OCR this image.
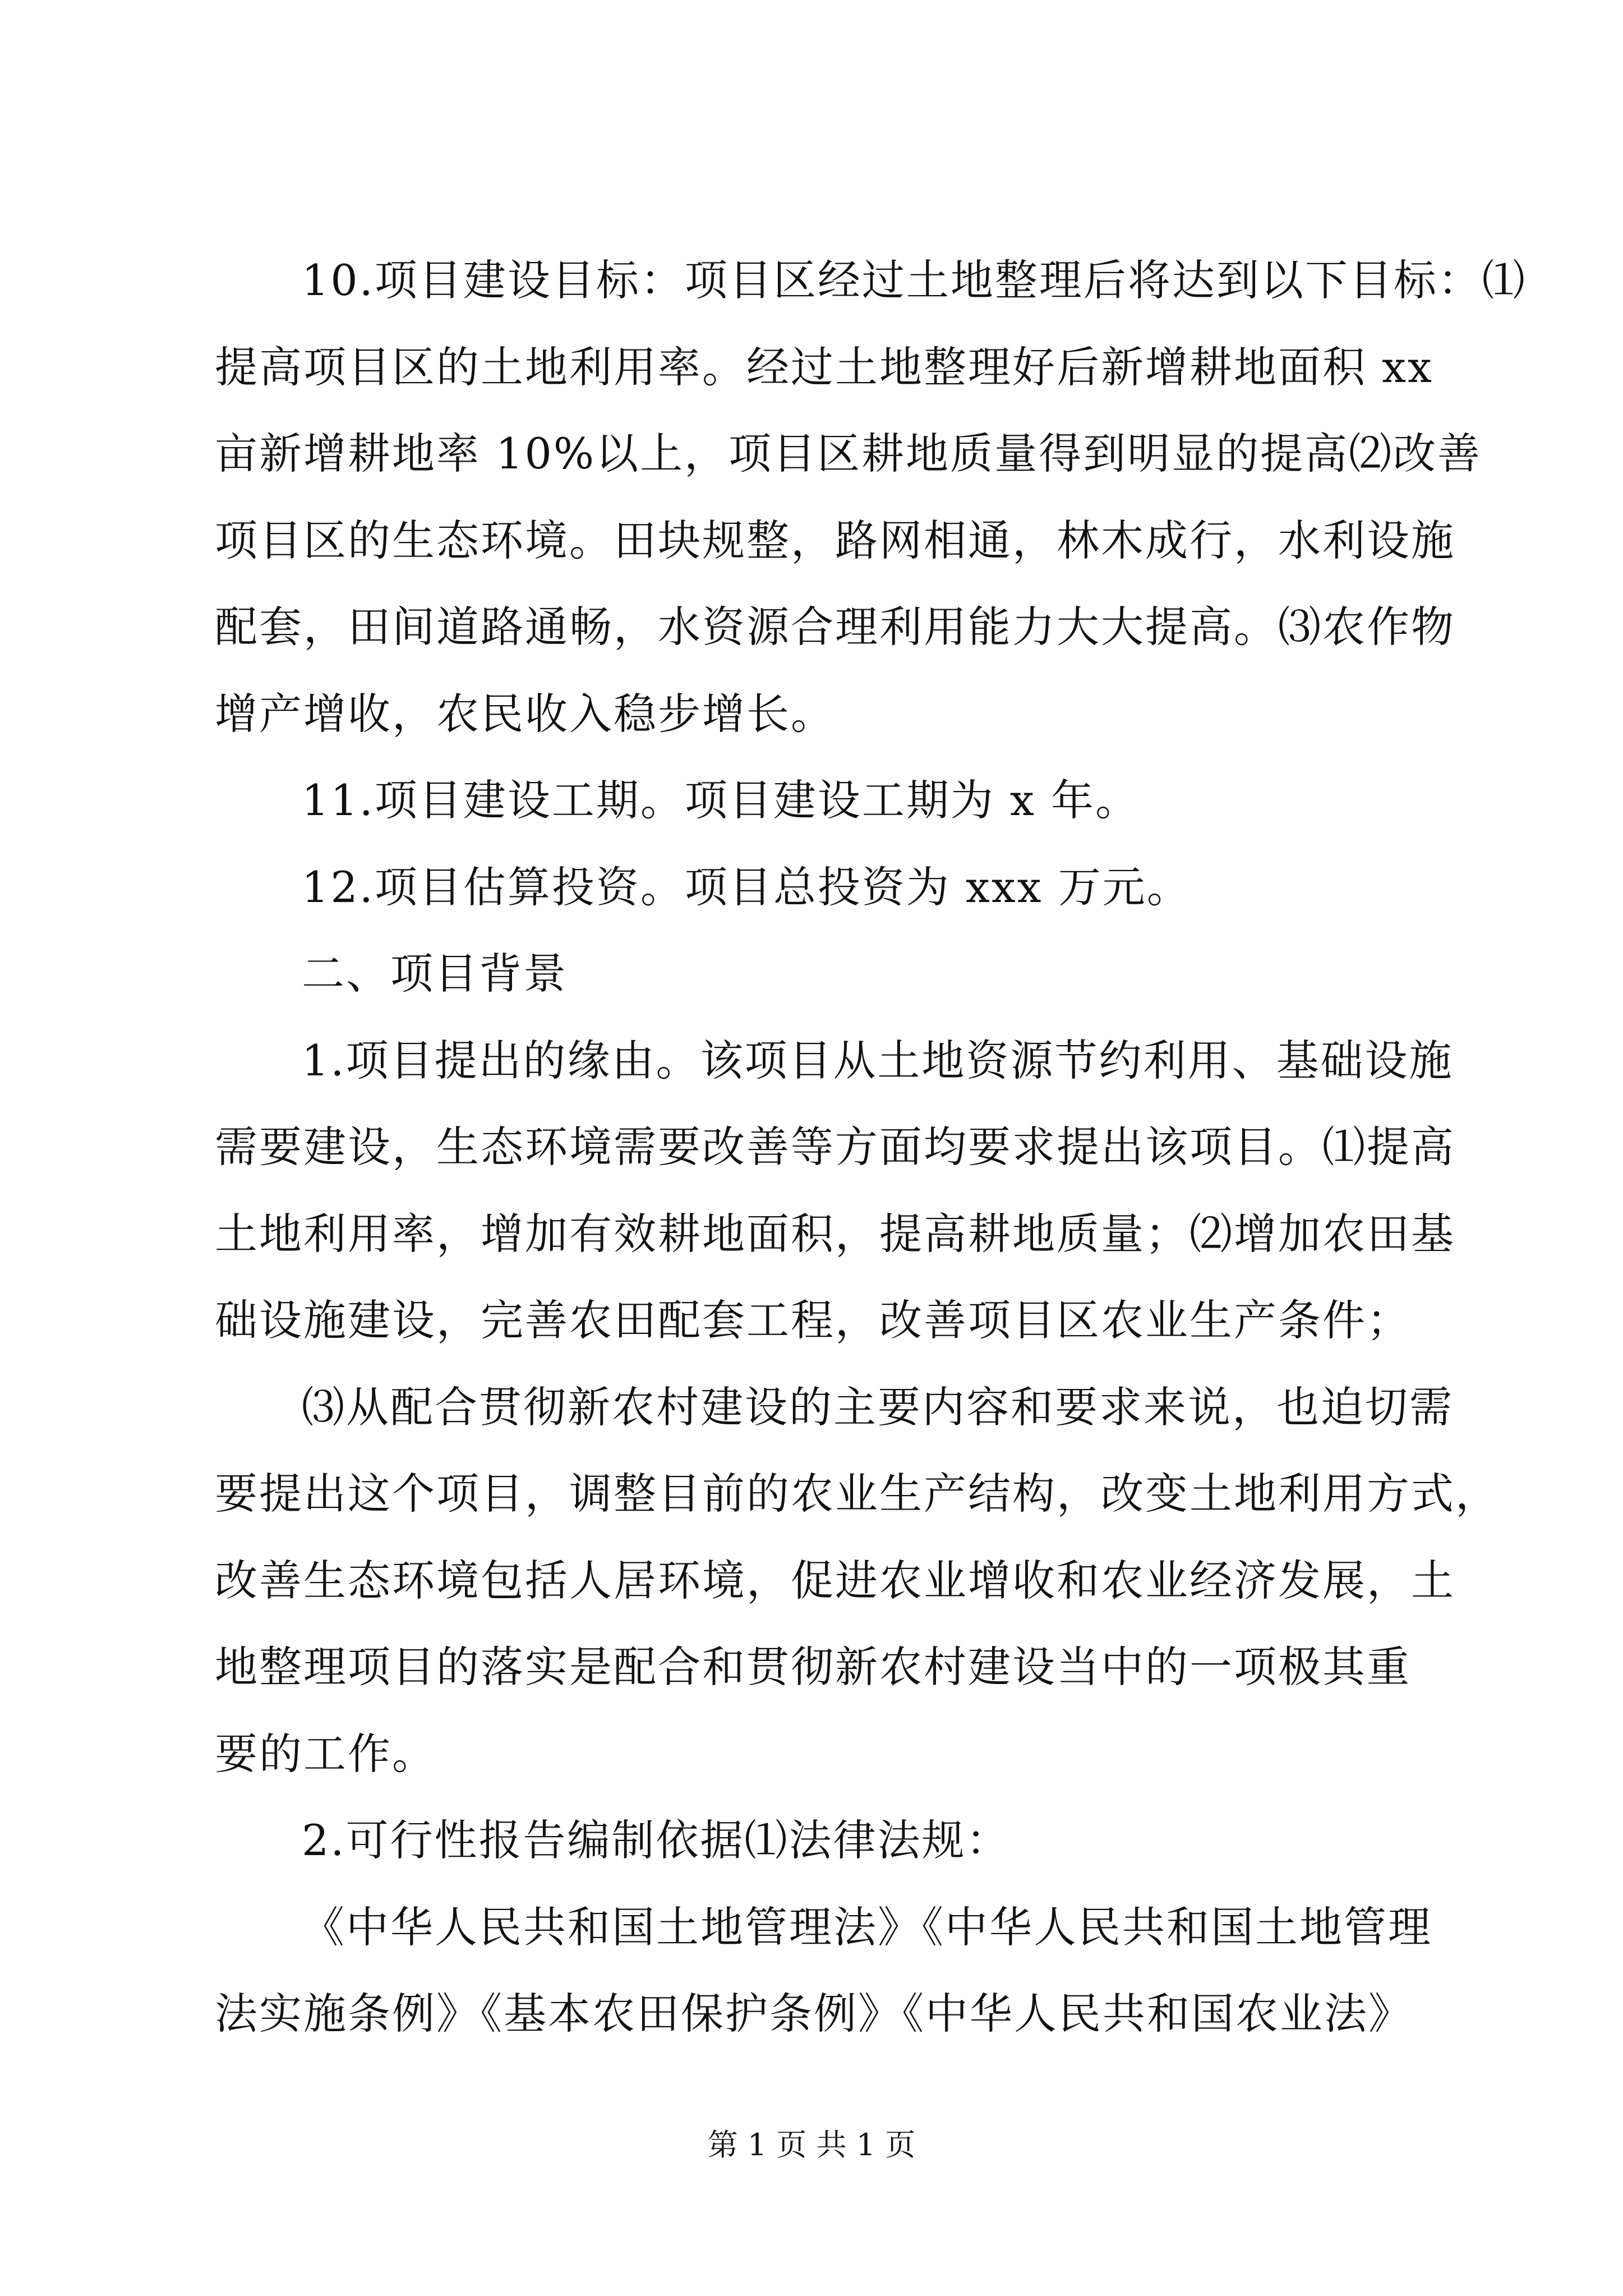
10.项目建设目标：项目区经过土地整理后将达到以下目标：⑴
提高项目区的土地利用率。经过土地整理好后新增耕地面积 xx
亩新增耕地率 10%以上，项目区耕地质量得到明显的提高⑵改善
项目区的生态环境。田块规整，路网相通，林木成行，水利设施
配套，田间道路通畅，水资源合理利用能力大大提高。⑶农作物
增产增收，农民收入稳步增长。
11.项目建设工期。项目建设工期为 x 年。
12.项目估算投资。项目总投资为 xxx 万元。
二、项目背景
1.项目提出的缘由。该项目从土地资源节约利用、基础设施
需要建设，生态环境需要改善等方面均要求提出该项目。⑴提高
土地利用率，增加有效耕地面积，提高耕地质量；⑵增加农田基
础设施建设，完善农田配套工程，改善项目区农业生产条件；
⑶从配合贯彻新农村建设的主要内容和要求来说，也迫切需
要提出这个项目，调整目前的农业生产结构，改变土地利用方式，
改善生态环境包括人居环境，促进农业增收和农业经济发展，土
地整理项目的落实是配合和贯彻新农村建设当中的一项极其重
要的工作。
2.可行性报告编制依据⑴法律法规：
《中华人民共和国土地管理法》《中华人民共和国土地管理
法实施条例》《基本农田保护条例》《中华人民共和国农业法》
第 1 页 共 1 页
